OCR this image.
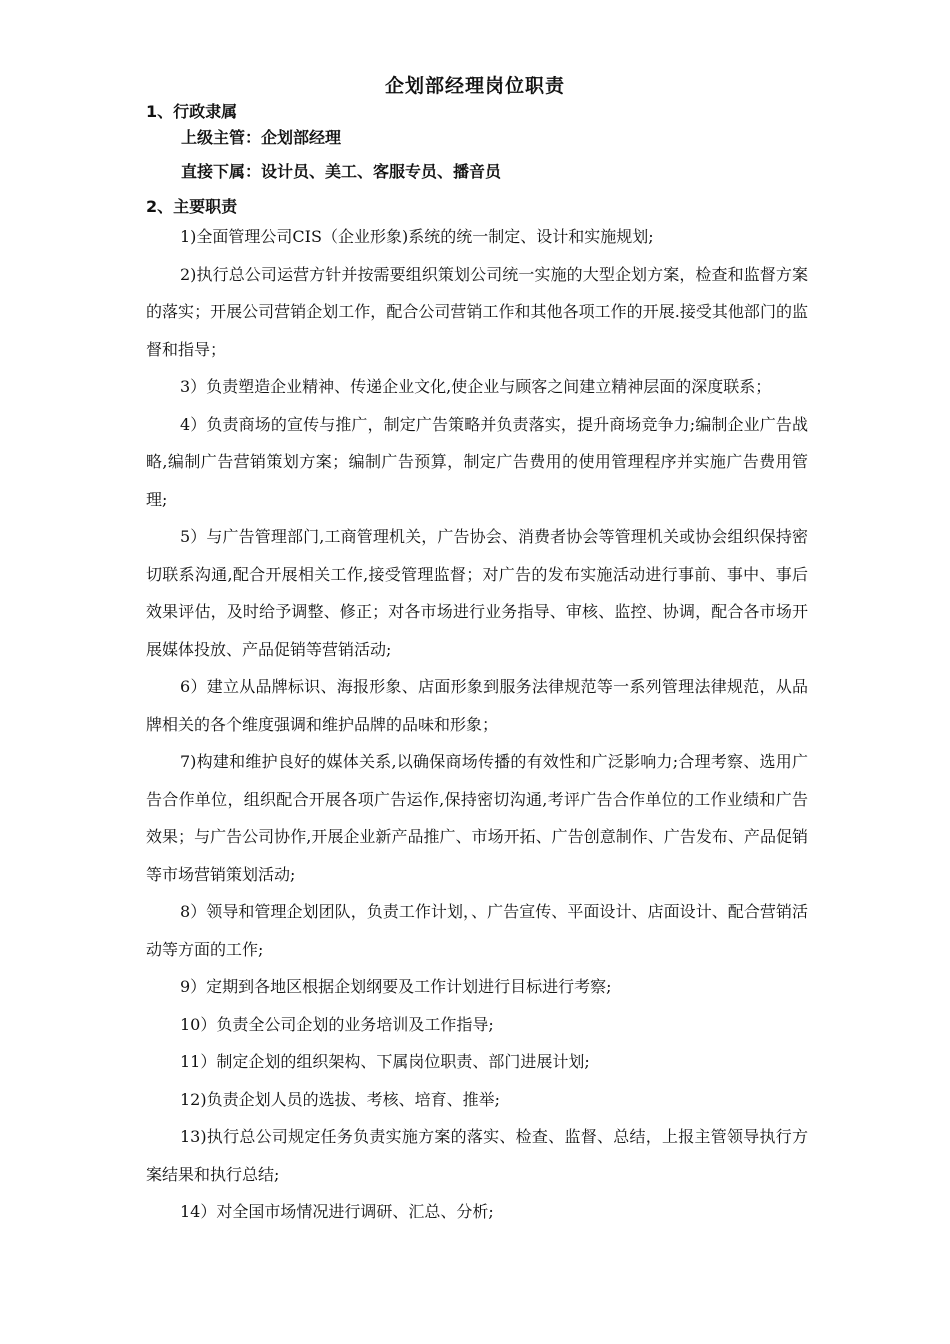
企划部经理岗位职责
1、行政隶属
上级主管：企划部经理
直接下属：设计员、美工、客服专员、播音员
2、主要职责

1)全面管理公司CIS（企业形象)系统的统一制定、设计和实施规划;

2)执行总公司运营方针并按需要组织策划公司统一实施的大型企划方案，检查和监督方案的落实；开展公司营销企划工作，配合公司营销工作和其他各项工作的开展.接受其他部门的监督和指导；

3）负责塑造企业精神、传递企业文化,使企业与顾客之间建立精神层面的深度联系；

4）负责商场的宣传与推广，制定广告策略并负责落实，提升商场竞争力;编制企业广告战略,编制广告营销策划方案；编制广告预算，制定广告费用的使用管理程序并实施广告费用管理;

5）与广告管理部门,工商管理机关，广告协会、消费者协会等管理机关或协会组织保持密切联系沟通,配合开展相关工作,接受管理监督；对广告的发布实施活动进行事前、事中、事后效果评估，及时给予调整、修正；对各市场进行业务指导、审核、监控、协调，配合各市场开展媒体投放、产品促销等营销活动;

6）建立从品牌标识、海报形象、店面形象到服务法律规范等一系列管理法律规范，从品牌相关的各个维度强调和维护品牌的品味和形象；

7)构建和维护良好的媒体关系,以确保商场传播的有效性和广泛影响力;合理考察、选用广告合作单位，组织配合开展各项广告运作,保持密切沟通,考评广告合作单位的工作业绩和广告效果；与广告公司协作,开展企业新产品推广、市场开拓、广告创意制作、广告发布、产品促销等市场营销策划活动;

8）领导和管理企划团队，负责工作计划，、广告宣传、平面设计、店面设计、配合营销活动等方面的工作;

9）定期到各地区根据企划纲要及工作计划进行目标进行考察;

10）负责全公司企划的业务培训及工作指导;

11）制定企划的组织架构、下属岗位职责、部门进展计划;

12)负责企划人员的选拔、考核、培育、推举;

13)执行总公司规定任务负责实施方案的落实、检查、监督、总结，上报主管领导执行方案结果和执行总结;

14）对全国市场情况进行调研、汇总、分析;
